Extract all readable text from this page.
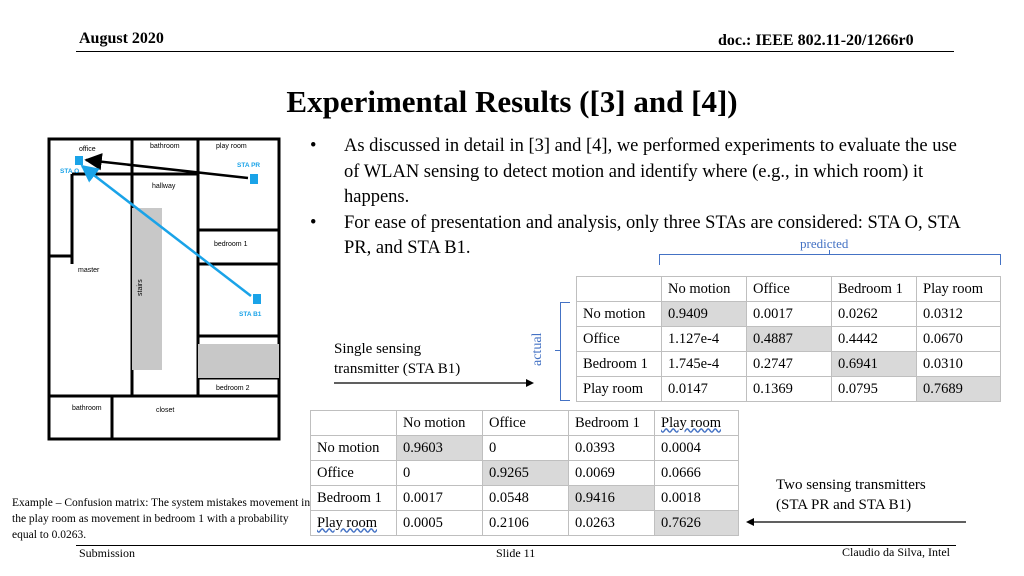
August 2020	doc.: IEEE 802.11-20/1266r0
Experimental Results ([3] and [4])
office	bathroom	play room
hallway
bedroom 1
master
stairs
bedroom 2
bathroom	closet
STA O
STA PR
STA B1
• As discussed in detail in [3] and [4], we performed experiments to evaluate the use of WLAN sensing to detect motion and identify where (e.g., in which room) it happens.
• For ease of presentation and analysis, only three STAs are considered: STA O, STA PR, and STA B1.	predicted
actual
	No motion	Office	Bedroom 1	Play room
No motion	0.9409	0.0017	0.0262	0.0312
Office	1.127e-4	0.4887	0.4442	0.0670
Bedroom 1	1.745e-4	0.2747	0.6941	0.0310
Play room	0.0147	0.1369	0.0795	0.7689
Single sensing
transmitter (STA B1)
	No motion	Office	Bedroom 1	Play room
No motion	0.9603	0	0.0393	0.0004
Office	0	0.9265	0.0069	0.0666
Bedroom 1	0.0017	0.0548	0.9416	0.0018
Play room	0.0005	0.2106	0.0263	0.7626
Two sensing transmitters
(STA PR and STA B1)
Example – Confusion matrix: The system mistakes movement in the play room as movement in bedroom 1 with a probability equal to 0.0263.
Submission	Slide 11	Claudio da Silva, Intel
